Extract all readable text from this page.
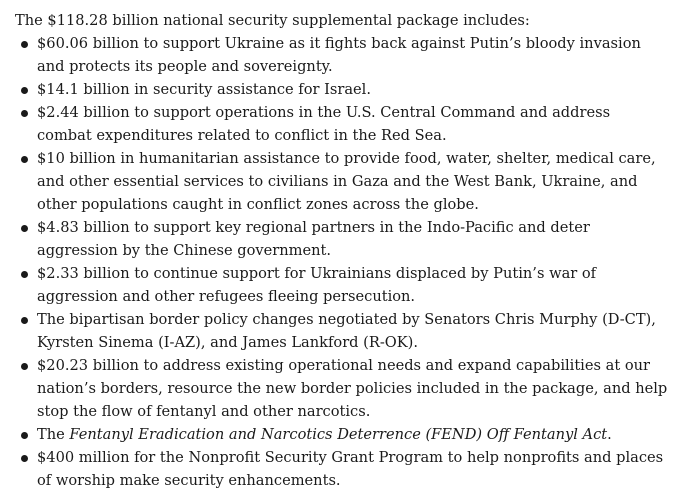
The $118.28 billion national security supplemental package includes:

$60.06 billion to support Ukraine as it fights back against Putin’s bloody invasion and protects its people and sovereignty.
$14.1 billion in security assistance for Israel.
$2.44 billion to support operations in the U.S. Central Command and address combat expenditures related to conflict in the Red Sea.
$10 billion in humanitarian assistance to provide food, water, shelter, medical care, and other essential services to civilians in Gaza and the West Bank, Ukraine, and other populations caught in conflict zones across the globe.
$4.83 billion to support key regional partners in the Indo-Pacific and deter aggression by the Chinese government.
$2.33 billion to continue support for Ukrainians displaced by Putin’s war of aggression and other refugees fleeing persecution.
The bipartisan border policy changes negotiated by Senators Chris Murphy (D-CT), Kyrsten Sinema (I-AZ), and James Lankford (R-OK).
$20.23 billion to address existing operational needs and expand capabilities at our nation’s borders, resource the new border policies included in the package, and help stop the flow of fentanyl and other narcotics.
The Fentanyl Eradication and Narcotics Deterrence (FEND) Off Fentanyl Act.
$400 million for the Nonprofit Security Grant Program to help nonprofits and places of worship make security enhancements.
